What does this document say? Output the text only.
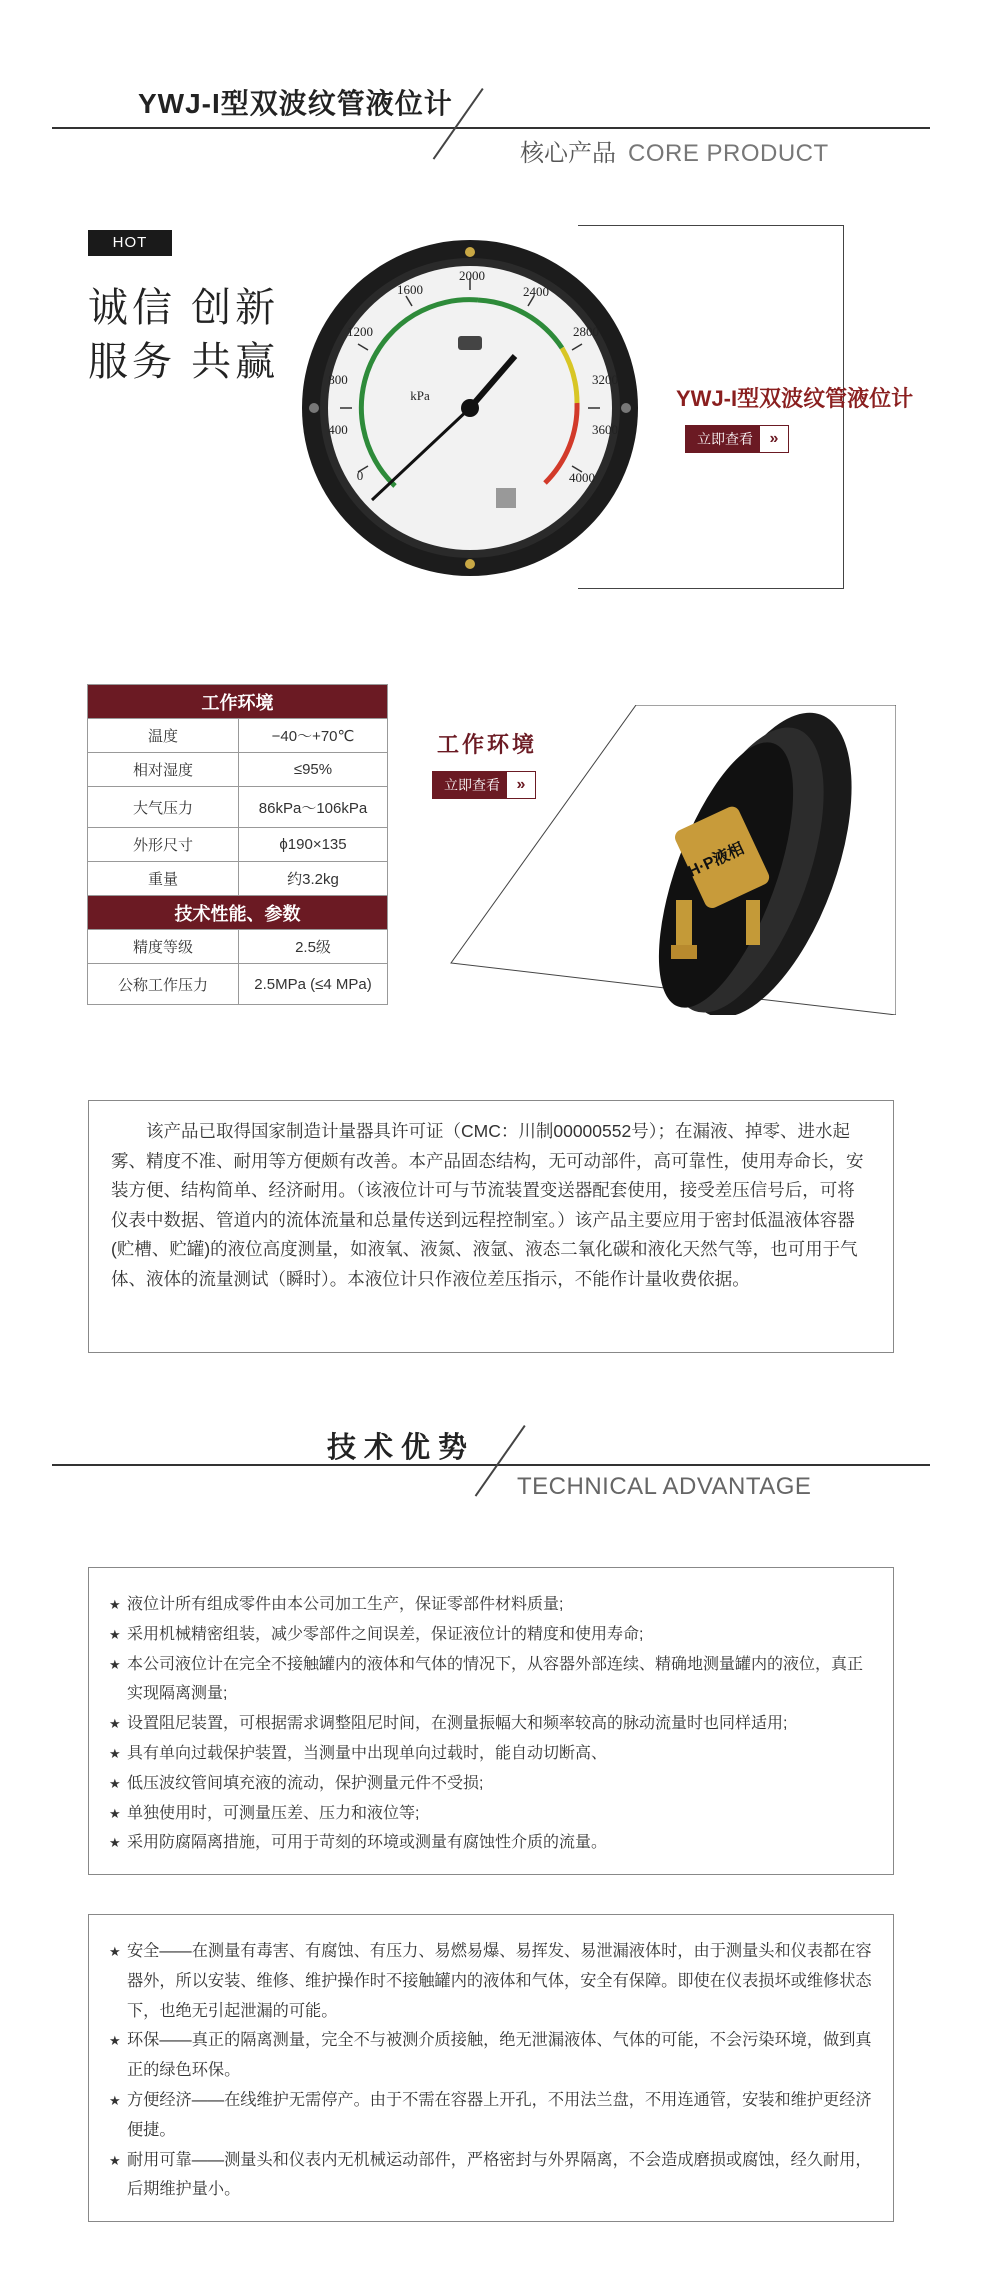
YWJ-I型双波纹管液位计
核心产品 CORE PRODUCT
HOT
诚信 创新
服务 共赢
1600
2000
2400
1200
800
400
0
2800
3200
3600
4000
kPa	YWJ-I型双波纹管液位计
立即查看	»
工作环境	
温度	−40～+70℃
相对湿度	≤95%
大气压力	86kPa～106kPa
外形尺寸	ϕ190×135
重量	约3.2kg
技术性能、参数	
精度等级	2.5级
公称工作压力	2.5MPa (≤4 MPa)
工作环境
立即查看	»
H·P液相
该产品已取得国家制造计量器具许可证（CMC：川制00000552号）；在漏液、掉零、进水起雾、精度不准、耐用等方便颇有改善。本产品固态结构，无可动部件，高可靠性，使用寿命长，安装方便、结构简单、经济耐用。（该液位计可与节流装置变送器配套使用，接受差压信号后，可将仪表中数据、管道内的流体流量和总量传送到远程控制室。）该产品主要应用于密封低温液体容器(贮槽、贮罐)的液位高度测量，如液氧、液氮、液氩、液态二氧化碳和液化天然气等，也可用于气体、液体的流量测试（瞬时）。本液位计只作液位差压指示，不能作计量收费依据。
技术优势
TECHNICAL ADVANTAGE
★ 液位计所有组成零件由本公司加工生产，保证零部件材料质量;
★ 采用机械精密组装，减少零部件之间误差，保证液位计的精度和使用寿命;
★ 本公司液位计在完全不接触罐内的液体和气体的情况下，从容器外部连续、精确地测量罐内的液位，真正实现隔离测量;
★ 设置阻尼装置，可根据需求调整阻尼时间，在测量振幅大和频率较高的脉动流量时也同样适用;
★ 具有单向过载保护装置，当测量中出现单向过载时，能自动切断高、
★ 低压波纹管间填充液的流动，保护测量元件不受损;
★ 单独使用时，可测量压差、压力和液位等;
★ 采用防腐隔离措施，可用于苛刻的环境或测量有腐蚀性介质的流量。
★ 安全——在测量有毒害、有腐蚀、有压力、易燃易爆、易挥发、易泄漏液体时，由于测量头和仪表都在容器外，所以安装、维修、维护操作时不接触罐内的液体和气体，安全有保障。即使在仪表损坏或维修状态下，也绝无引起泄漏的可能。
★ 环保——真正的隔离测量，完全不与被测介质接触，绝无泄漏液体、气体的可能，不会污染环境，做到真正的绿色环保。
★ 方便经济——在线维护无需停产。由于不需在容器上开孔，不用法兰盘，不用连通管，安装和维护更经济便捷。
★ 耐用可靠——测量头和仪表内无机械运动部件，严格密封与外界隔离，不会造成磨损或腐蚀，经久耐用，后期维护量小。
